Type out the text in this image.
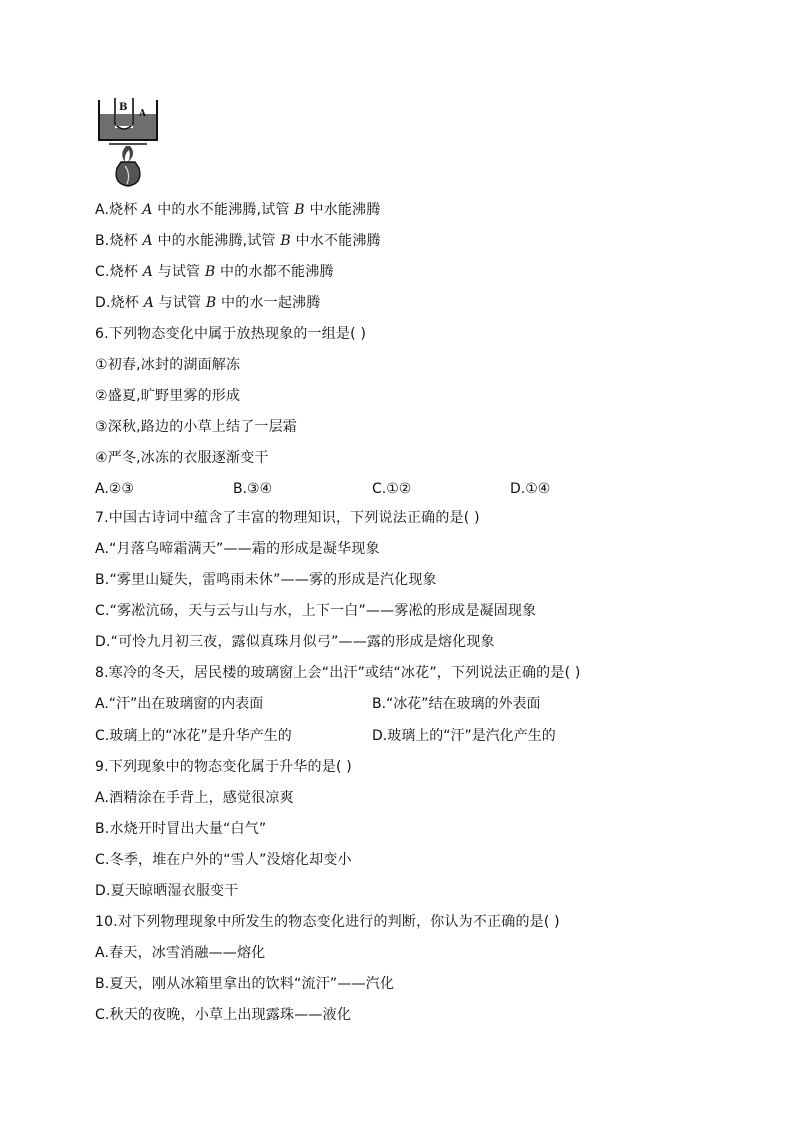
B
A
A.烧杯 A 中的水不能沸腾,试管 B 中水能沸腾
B.烧杯 A 中的水能沸腾,试管 B 中水不能沸腾
C.烧杯 A 与试管 B 中的水都不能沸腾
D.烧杯 A 与试管 B 中的水一起沸腾
6.下列物态变化中属于放热现象的一组是( )
①初春,冰封的湖面解冻
②盛夏,旷野里雾的形成
③深秋,路边的小草上结了一层霜
④严冬,冰冻的衣服逐渐变干
A.②③	B.③④	C.①②	D.①④
7.中国古诗词中蕴含了丰富的物理知识，下列说法正确的是( )
A.“月落乌啼霜满天”——霜的形成是凝华现象
B.“雾里山疑失，雷鸣雨未休”——雾的形成是汽化现象
C.“雾凇沆砀，天与云与山与水，上下一白”——雾凇的形成是凝固现象
D.“可怜九月初三夜，露似真珠月似弓”——露的形成是熔化现象
8.寒冷的冬天，居民楼的玻璃窗上会“出汗”或结“冰花”，下列说法正确的是( )
A.“汗”出在玻璃窗的内表面	B.“冰花”结在玻璃的外表面
C.玻璃上的“冰花”是升华产生的	D.玻璃上的“汗”是汽化产生的
9.下列现象中的物态变化属于升华的是( )
A.酒精涂在手背上，感觉很凉爽
B.水烧开时冒出大量“白气”
C.冬季，堆在户外的“雪人”没熔化却变小
D.夏天晾晒湿衣服变干
10.对下列物理现象中所发生的物态变化进行的判断，你认为不正确的是( )
A.春天，冰雪消融——熔化
B.夏天，刚从冰箱里拿出的饮料“流汗”——汽化
C.秋天的夜晚，小草上出现露珠——液化
